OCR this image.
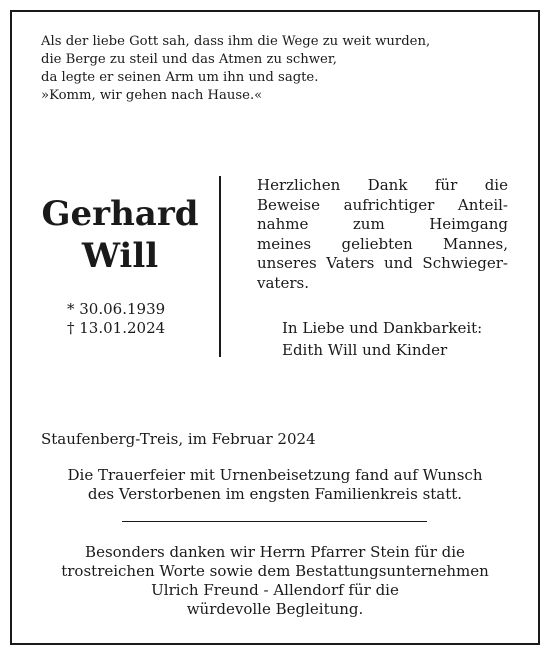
Als der liebe Gott sah, dass ihm die Wege zu weit wurden,
die Berge zu steil und das Atmen zu schwer,
da legte er seinen Arm um ihn und sagte.
»Komm, wir gehen nach Hause.«
Gerhard
Will
* 30.06.1939
† 13.01.2024
Herzlichen Dank für die
Beweise aufrichtiger Anteil-
nahme zum Heimgang
meines geliebten Mannes,
unseres Vaters und Schwieger-
vaters.
In Liebe und Dankbarkeit:
Edith Will und Kinder
Staufenberg-Treis, im Februar 2024
Die Trauerfeier mit Urnenbeisetzung fand auf Wunsch
des Verstorbenen im engsten Familienkreis statt.
Besonders danken wir Herrn Pfarrer Stein für die
trostreichen Worte sowie dem Bestattungsunternehmen
Ulrich Freund - Allendorf für die
würdevolle Begleitung.
